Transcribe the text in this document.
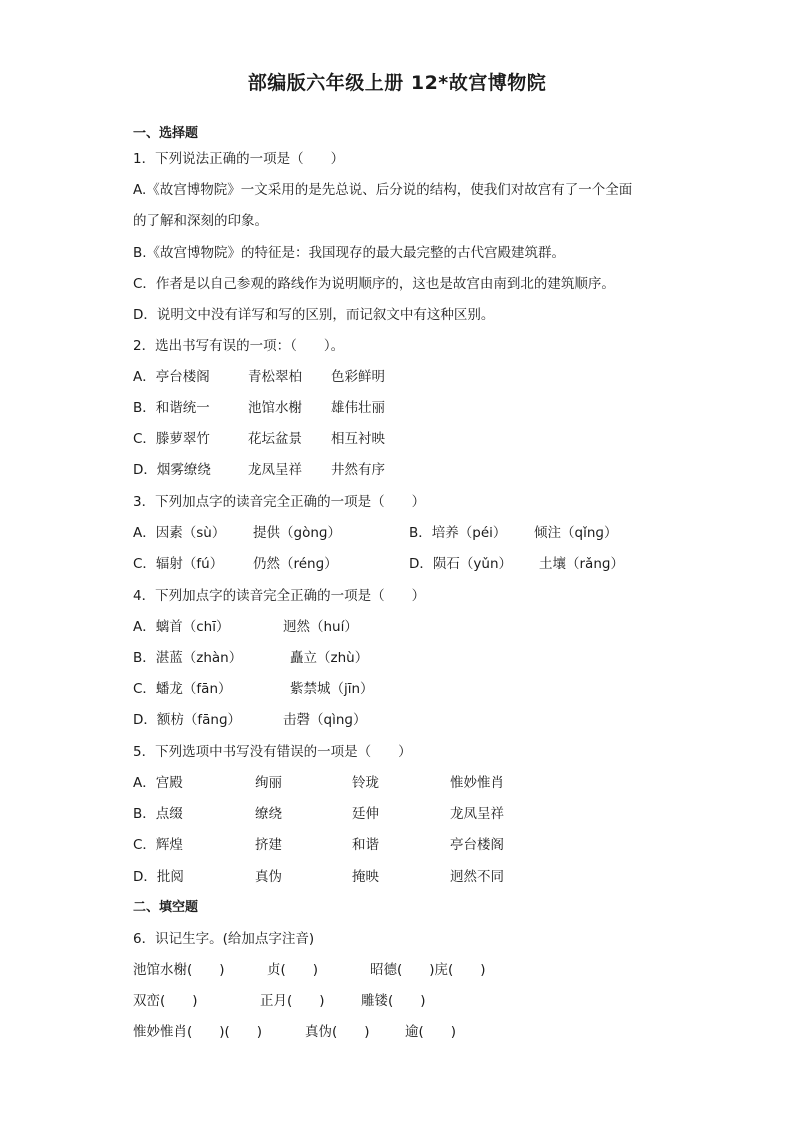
部编版六年级上册 12*故宫博物院
一、选择题
1．下列说法正确的一项是（　　）
A.《故宫博物院》一文采用的是先总说、后分说的结构，使我们对故宫有了一个全面
的了解和深刻的印象。
B.《故宫博物院》的特征是：我国现存的最大最完整的古代宫殿建筑群。
C．作者是以自己参观的路线作为说明顺序的，这也是故宫由南到北的建筑顺序。
D．说明文中没有详写和写的区别，而记叙文中有这种区别。
2．选出书写有误的一项：（　　）。
A．亭台楼阁	青松翠柏 色彩鲜明
B．和谐统一	池馆水榭 雄伟壮丽
C．滕萝翠竹	花坛盆景 相互衬映
D．烟雾缭绕	龙凤呈祥 井然有序
3．下列加点字的读音完全正确的一项是（　　）
A．因素（sù） 提供（gònɡ）	B．培养（péi） 倾注（qǐnɡ）
C．辐射（fú） 仍然（rénɡ）	D．陨石（yǔn） 土壤（rǎnɡ）
4．下列加点字的读音完全正确的一项是（　　）
A．螭首（chī）	迥然（huí）
B．湛蓝（zhàn）	矗立（zhù）
C．蟠龙（fān）	紫禁城（jīn）
D．额枋（fānɡ）	击磬（qìnɡ）
5．下列选项中书写没有错误的一项是（　　）
A．宫殿	绚丽	铃珑	惟妙惟肖
B．点缀	缭绕	廷伸	龙凤呈祥
C．辉煌	挤建	和谐	亭台楼阁
D．批阅	真伪	掩映	迥然不同
二、填空题
6．识记生字。(给加点字注音)
池馆水榭(　　)	贞(　　)	昭德(　　)庑(　　)
双峦(　　)	正月(　　)	雕镂(　　)
惟妙惟肖(　　)(　　)	真伪(　　)	逾(　　)
